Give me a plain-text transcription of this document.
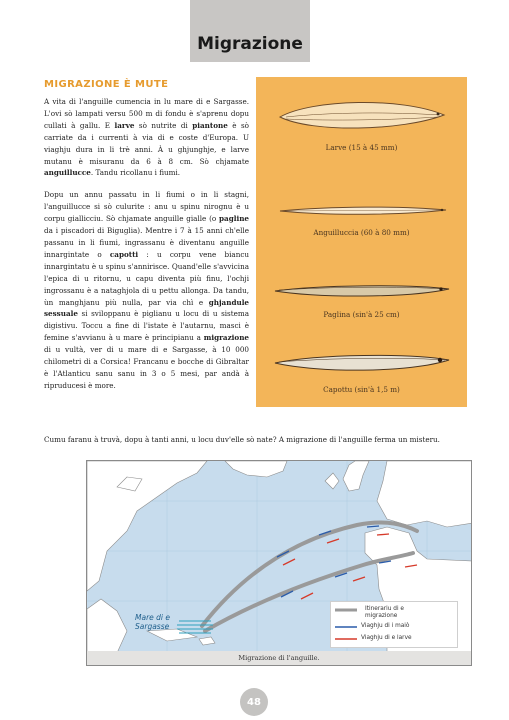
Migrazione
MIGRAZIONE È MUTE

A vita di l'anguille cumencia in lu mare di e Sargasse. L'ovi sò lampati versu 500 m di fondu è s'aprenu dopu cullati à gallu. E larve sò nutrite di piantone è sò carriate da i currenti à via di e coste d'Europa. U viaghju dura in li trè anni. À u ghjunghje, e larve mutanu è misuranu da 6 à 8 cm. Sò chjamate anguillucce. Tandu ricollanu i fiumi.

Dopu un annu passatu in li fiumi o in li stagni, l'anguillucce si sò culurite : anu u spinu nirognu è u corpu giallicciu. Sò chjamate anguille gialle (o pagline da i piscadori di Biguglia). Mentre i 7 à 15 anni ch'elle passanu in li fiumi, ingrassanu è diventanu anguille innargintate o capotti : u corpu vene biancu innargintatu è u spinu s'annirisce. Quand'elle s'avvicina l'epica di u ritornu, u capu diventa più finu, l'ochji ingrossanu è a nataghjola di u pettu allonga. Da tandu, ùn manghjanu più nulla, par via chì e ghjandule sessuale si sviloppanu è piglianu u locu di u sistema digistivu. Toccu a fine di l'istate è l'autarnu, masci è femine s'avvianu à u mare è principianu a migrazione di u vultà, ver di u mare di e Sargasse, à 10 000 chilometri di a Corsica! Francanu e bocche di Gibraltar è l'Atlanticu sanu sanu in 3 o 5 mesi, par andà à ripruducesi è more.

Larve (15 à 45 mm)
Anguilluccia (60 à 80 mm)
Paglina (sin'à 25 cm)
Capottu (sin'à 1,5 m)

Cumu faranu à truvà, dopu à tanti anni, u locu duv'elle sò nate? A migrazione di l'anguille ferma un misteru.

Mare di e
Sargasse
Itinerariu di e
migrazione
Viaghju di i maiò
Viaghju di e larve
Migrazione di l'anguille.
48
